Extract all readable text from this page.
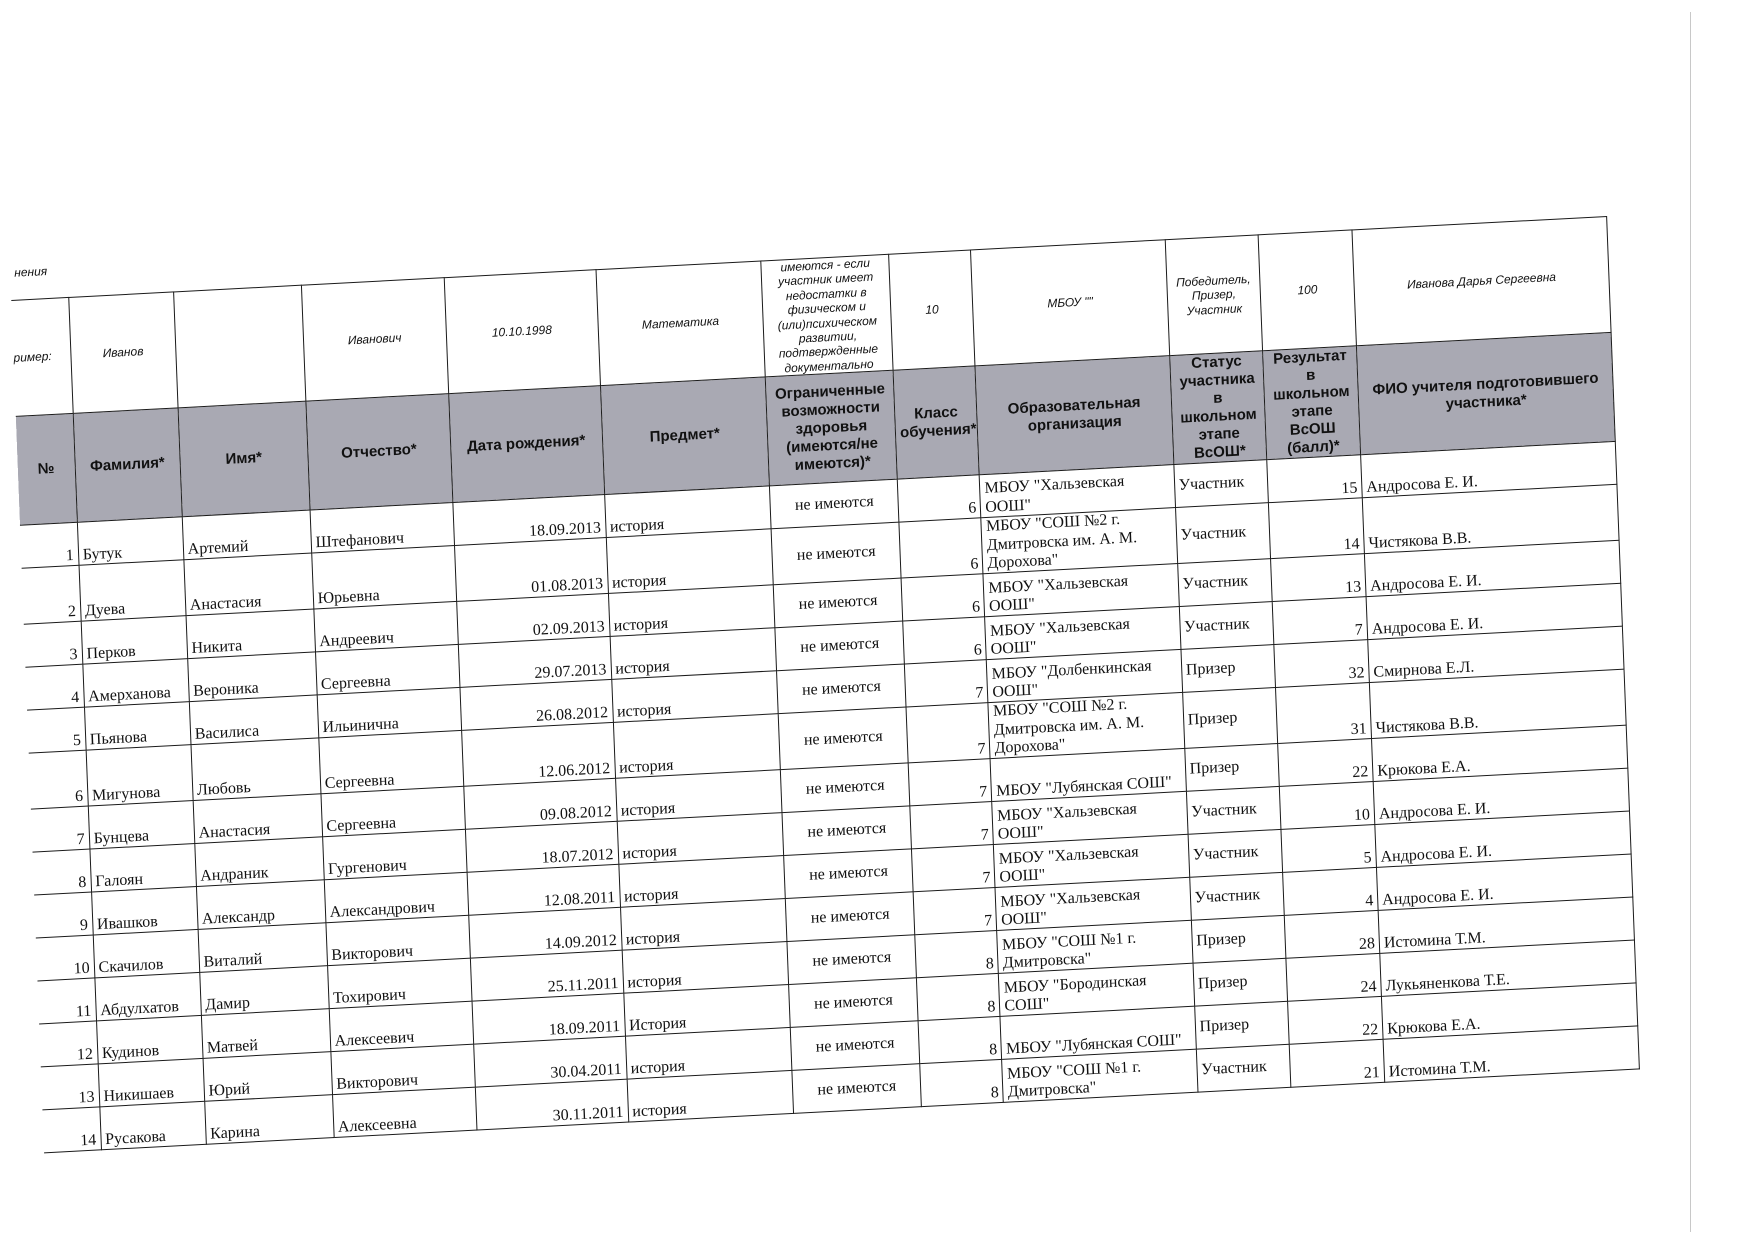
нения											
ример:	Иванов		Иванович	10.10.1998	Математика	имеются - если участник имеет недостатки в физическом и (или)психическом развитии, подтвержденные документально	10	МБОУ ""	Победитель, Призер, Участник	100	Иванова Дарья Сергеевна
№	Фамилия*	Имя*	Отчество*	Дата рождения*	Предмет*	Ограниченные возможности здоровья (имеются/не имеются)*	Класс обучения*	Образовательная организация	Статус участника в школьном этапе ВсОШ*	Результат в школьном этапе ВсОШ (балл)*	ФИО учителя подготовившего участника*
1	Бутук	Артемий	Штефанович	18.09.2013	история	не имеются	6	МБОУ "Хальзевская ООШ"	Участник	15	Андросова Е. И.
2	Дуева	Анастасия	Юрьевна	01.08.2013	история	не имеются	6	МБОУ "СОШ №2 г. Дмитровска им. А. М. Дорохова"	Участник	14	Чистякова В.В.
3	Перков	Никита	Андреевич	02.09.2013	история	не имеются	6	МБОУ "Хальзевская ООШ"	Участник	13	Андросова Е. И.
4	Амерханова	Вероника	Сергеевна	29.07.2013	история	не имеются	6	МБОУ "Хальзевская ООШ"	Участник	7	Андросова Е. И.
5	Пьянова	Василиса	Ильинична	26.08.2012	история	не имеются	7	МБОУ "Долбенкинская ООШ"	Призер	32	Смирнова Е.Л.
6	Мигунова	Любовь	Сергеевна	12.06.2012	история	не имеются	7	МБОУ "СОШ №2 г. Дмитровска им. А. М. Дорохова"	Призер	31	Чистякова В.В.
7	Бунцева	Анастасия	Сергеевна	09.08.2012	история	не имеются	7	МБОУ "Лубянская СОШ"	Призер	22	Крюкова Е.А.
8	Галоян	Андраник	Гургенович	18.07.2012	история	не имеются	7	МБОУ "Хальзевская ООШ"	Участник	10	Андросова Е. И.
9	Ивашков	Александр	Александрович	12.08.2011	история	не имеются	7	МБОУ "Хальзевская ООШ"	Участник	5	Андросова Е. И.
10	Скачилов	Виталий	Викторович	14.09.2012	история	не имеются	7	МБОУ "Хальзевская ООШ"	Участник	4	Андросова Е. И.
11	Абдулхатов	Дамир	Тохирович	25.11.2011	история	не имеются	8	МБОУ "СОШ №1 г. Дмитровска"	Призер	28	Истомина Т.М.
12	Кудинов	Матвей	Алексеевич	18.09.2011	История	не имеются	8	МБОУ "Бородинская СОШ"	Призер	24	Лукьяненкова Т.Е.
13	Никишаев	Юрий	Викторович	30.04.2011	история	не имеются	8	МБОУ "Лубянская СОШ"	Призер	22	Крюкова Е.А.
14	Русакова	Карина	Алексеевна	30.11.2011	история	не имеются	8	МБОУ "СОШ №1 г. Дмитровска"	Участник	21	Истомина Т.М.
